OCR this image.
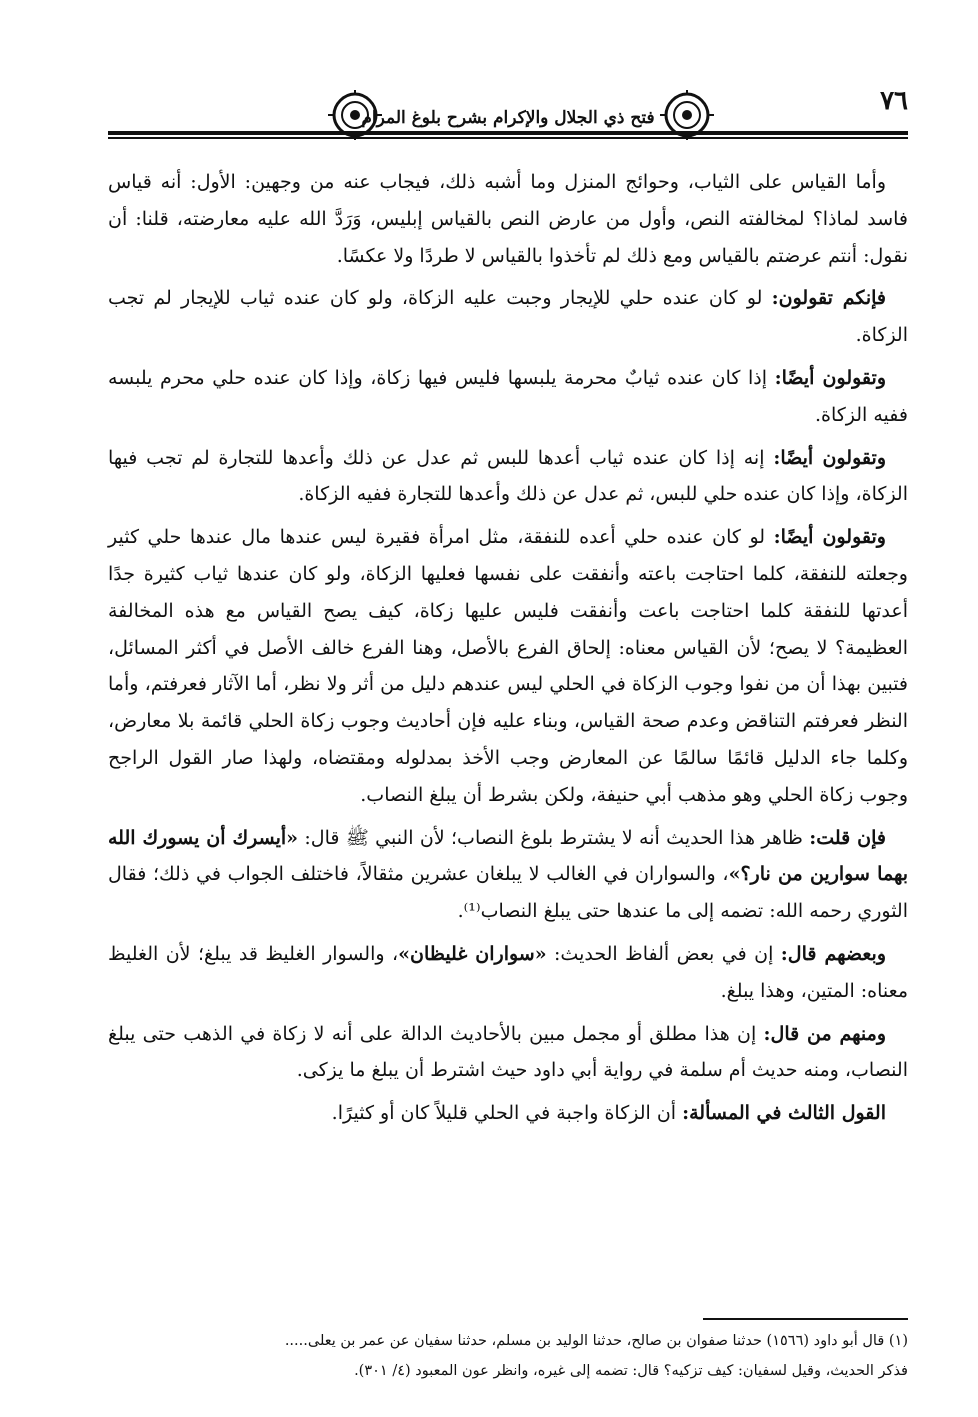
٧٦
فتح ذي الجلال والإكرام بشرح بلوغ المرام

وأما القياس على الثياب، وحوائج المنزل وما أشبه ذلك، فيجاب عنه من وجهين: الأول: أنه قياس فاسد لماذا؟ لمخالفته النص، وأول من عارض النص بالقياس إبليس، وَرَدَّ الله عليه معارضته، قلنا: أن نقول: أنتم عرضتم بالقياس ومع ذلك لم تأخذوا بالقياس لا طردًا ولا عكسًا.

فإنكم تقولون: لو كان عنده حلي للإيجار وجبت عليه الزكاة، ولو كان عنده ثياب للإيجار لم تجب الزكاة.

وتقولون أيضًا: إذا كان عنده ثيابٌ محرمة يلبسها فليس فيها زكاة، وإذا كان عنده حلي محرم يلبسه ففيه الزكاة.

وتقولون أيضًا: إنه إذا كان عنده ثياب أعدها للبس ثم عدل عن ذلك وأعدها للتجارة لم تجب فيها الزكاة، وإذا كان عنده حلي للبس، ثم عدل عن ذلك وأعدها للتجارة ففيه الزكاة.

وتقولون أيضًا: لو كان عنده حلي أعده للنفقة، مثل امرأة فقيرة ليس عندها مال عندها حلي كثير وجعلته للنفقة، كلما احتاجت باعته وأنفقت على نفسها فعليها الزكاة، ولو كان عندها ثياب كثيرة جدًا أعدتها للنفقة كلما احتاجت باعت وأنفقت فليس عليها زكاة، كيف يصح القياس مع هذه المخالفة العظيمة؟ لا يصح؛ لأن القياس معناه: إلحاق الفرع بالأصل، وهنا الفرع خالف الأصل في أكثر المسائل، فتبين بهذا أن من نفوا وجوب الزكاة في الحلي ليس عندهم دليل من أثر ولا نظر، أما الآثار فعرفتم، وأما النظر فعرفتم التناقض وعدم صحة القياس، وبناء عليه فإن أحاديث وجوب زكاة الحلي قائمة بلا معارض، وكلما جاء الدليل قائمًا سالمًا عن المعارض وجب الأخذ بمدلوله ومقتضاه، ولهذا صار القول الراجح وجوب زكاة الحلي وهو مذهب أبي حنيفة، ولكن بشرط أن يبلغ النصاب.

فإن قلت: ظاهر هذا الحديث أنه لا يشترط بلوغ النصاب؛ لأن النبي ﷺ قال: «أيسرك أن يسورك الله بهما سوارين من نار؟»، والسواران في الغالب لا يبلغان عشرين مثقالاً، فاختلف الجواب في ذلك؛ فقال الثوري رحمه الله: تضمه إلى ما عندها حتى يبلغ النصاب⁽¹⁾.

وبعضهم قال: إن في بعض ألفاظ الحديث: «سواران غليظان»، والسوار الغليظ قد يبلغ؛ لأن الغليظ معناه: المتين، وهذا يبلغ.

ومنهم من قال: إن هذا مطلق أو مجمل مبين بالأحاديث الدالة على أنه لا زكاة في الذهب حتى يبلغ النصاب، ومنه حديث أم سلمة في رواية أبي داود حيث اشترط أن يبلغ ما يزكى.

القول الثالث في المسألة: أن الزكاة واجبة في الحلي قليلاً كان أو كثيرًا.

(١) قال أبو داود (١٥٦٦) حدثنا صفوان بن صالح، حدثنا الوليد بن مسلم، حدثنا سفيان عن عمر بن يعلى.....

فذكر الحديث، وقيل لسفيان: كيف تزكيه؟ قال: تضمه إلى غيره، وانظر عون المعبود (٤/ ٣٠١).
